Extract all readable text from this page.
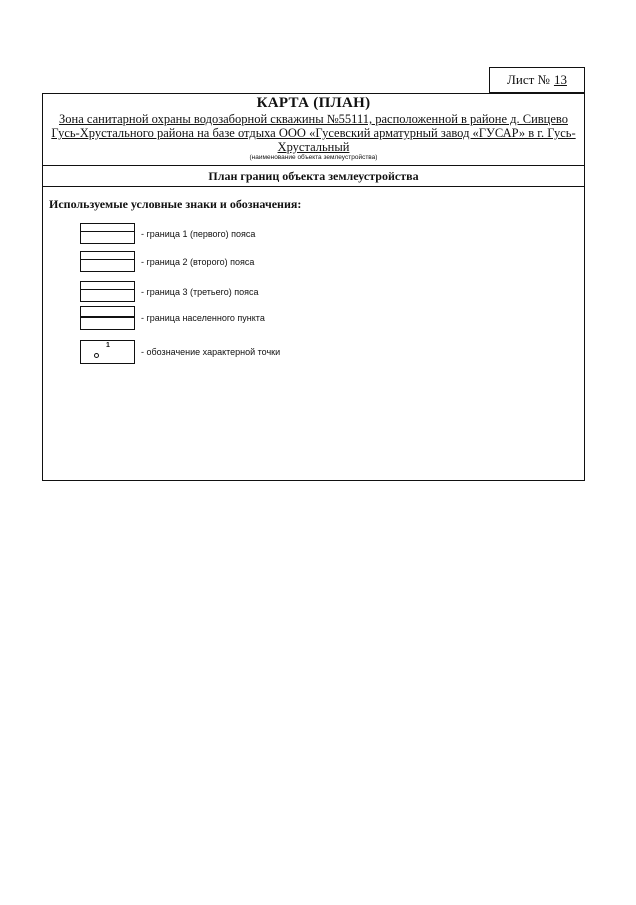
Лист № 13
КАРТА (ПЛАН)
Зона санитарной охраны водозаборной скважины №55111, расположенной в районе д. Сивцево Гусь-Хрустального района на базе отдыха ООО «Гусевский арматурный завод «ГУСАР» в г. Гусь-Хрустальный
(наименование объекта землеустройства)
План границ объекта землеустройства
Используемые условные знаки и обозначения:
- граница 1 (первого) пояса
- граница 2 (второго) пояса
- граница 3 (третьего) пояса
- граница населенного пункта
1
- обозначение характерной точки
